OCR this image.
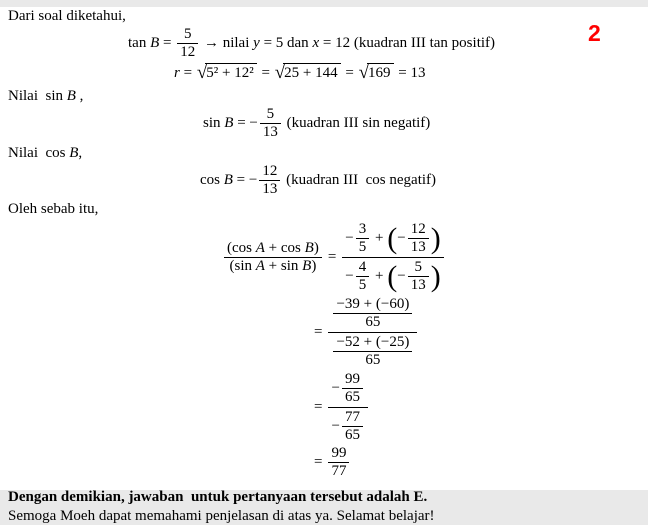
2

Dari soal diketahui,

$\tan B = \frac{5}{12}$ → nilai y = 5 dan x = 12 (kuadran III tan positif)
r = √ 5² + 12² = √ 25 + 144 = √ 169 = 13

Nilai  sin B ,

sin B = − $\frac{5}{13}$ (kuadran III sin negatif)

Nilai  cos B,

cos B = − $\frac{12}{13}$ (kuadran III  cos negatif)

Oleh sebab itu,

$\frac{\text{(cos A + cos B )}}{\text{(sin A + sin B )}}$ =
− $\frac{3}{5}$ + ( − $\frac{12}{13}$ )
− $\frac{4}{5}$ + ( − $\frac{5}{13}$ )
= $\frac{\frac{-39 + (-60)}{65}}{\frac{-52 + (-25)}{65}}$
= $\frac{- \frac{99}{65}}{- \frac{77}{65}}$
= $\frac{99}{77}$

Dengan demikian, jawaban  untuk pertanyaan tersebut adalah E.

Semoga Moeh dapat memahami penjelasan di atas ya. Selamat belajar!
